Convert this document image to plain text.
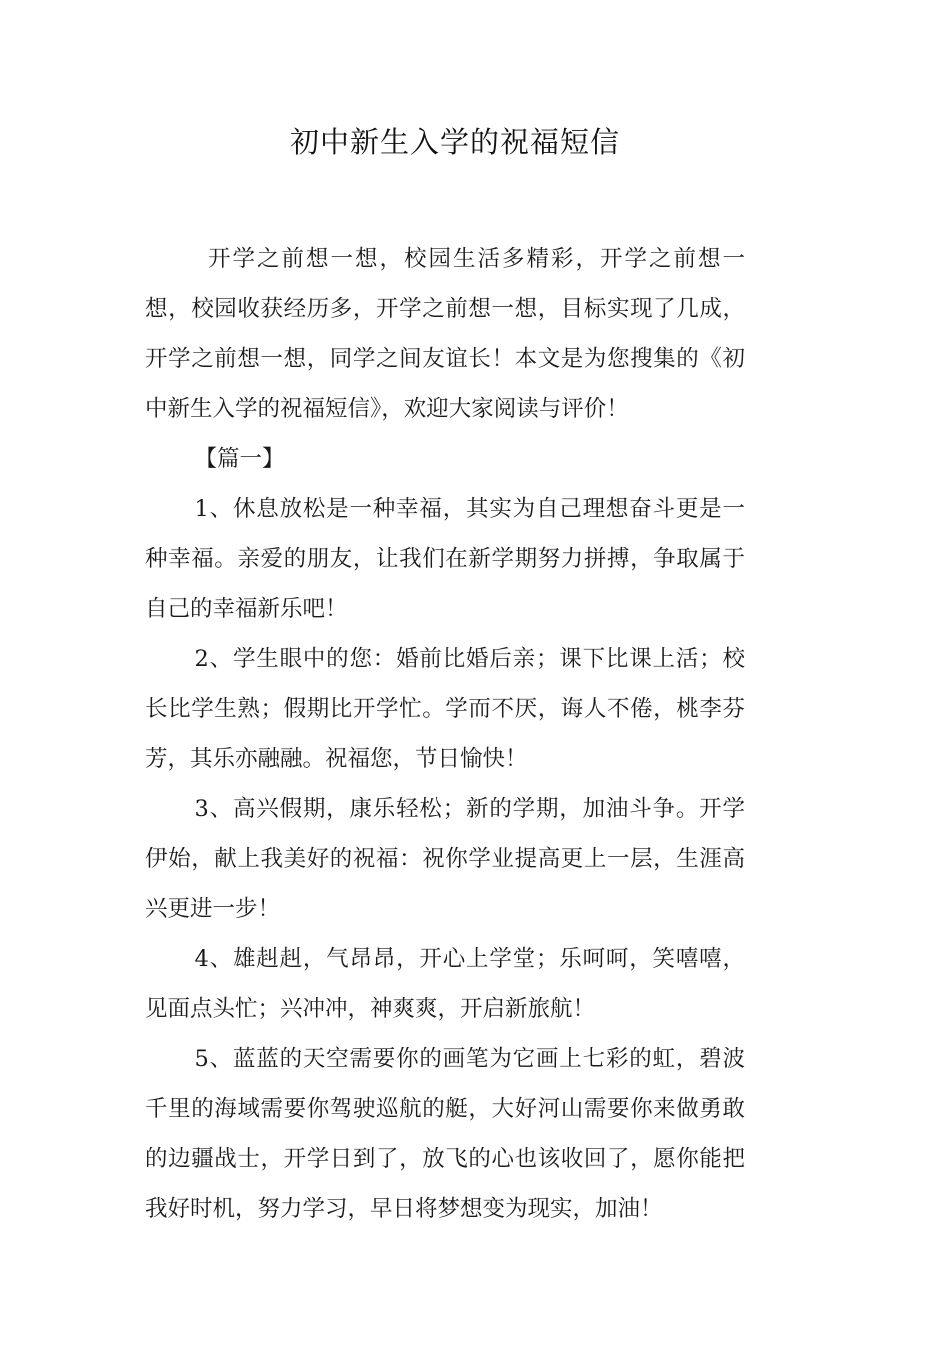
初中新生入学的祝福短信

开学之前想一想，校园生活多精彩，开学之前想一想，校园收获经历多，开学之前想一想，目标实现了几成，开学之前想一想，同学之间友谊长！本文是为您搜集的《初中新生入学的祝福短信》，欢迎大家阅读与评价！

【篇一】

1、休息放松是一种幸福，其实为自己理想奋斗更是一种幸福。亲爱的朋友，让我们在新学期努力拼搏，争取属于自己的幸福新乐吧！

2、学生眼中的您：婚前比婚后亲；课下比课上活；校长比学生熟；假期比开学忙。学而不厌，诲人不倦，桃李芬芳，其乐亦融融。祝福您，节日愉快！

3、高兴假期，康乐轻松；新的学期，加油斗争。开学伊始，献上我美好的祝福：祝你学业提高更上一层，生涯高兴更进一步！

4、雄赳赳，气昂昂，开心上学堂；乐呵呵，笑嘻嘻，见面点头忙；兴冲冲，神爽爽，开启新旅航！

5、蓝蓝的天空需要你的画笔为它画上七彩的虹，碧波千里的海域需要你驾驶巡航的艇，大好河山需要你来做勇敢的边疆战士，开学日到了，放飞的心也该收回了，愿你能把我好时机，努力学习，早日将梦想变为现实，加油！
